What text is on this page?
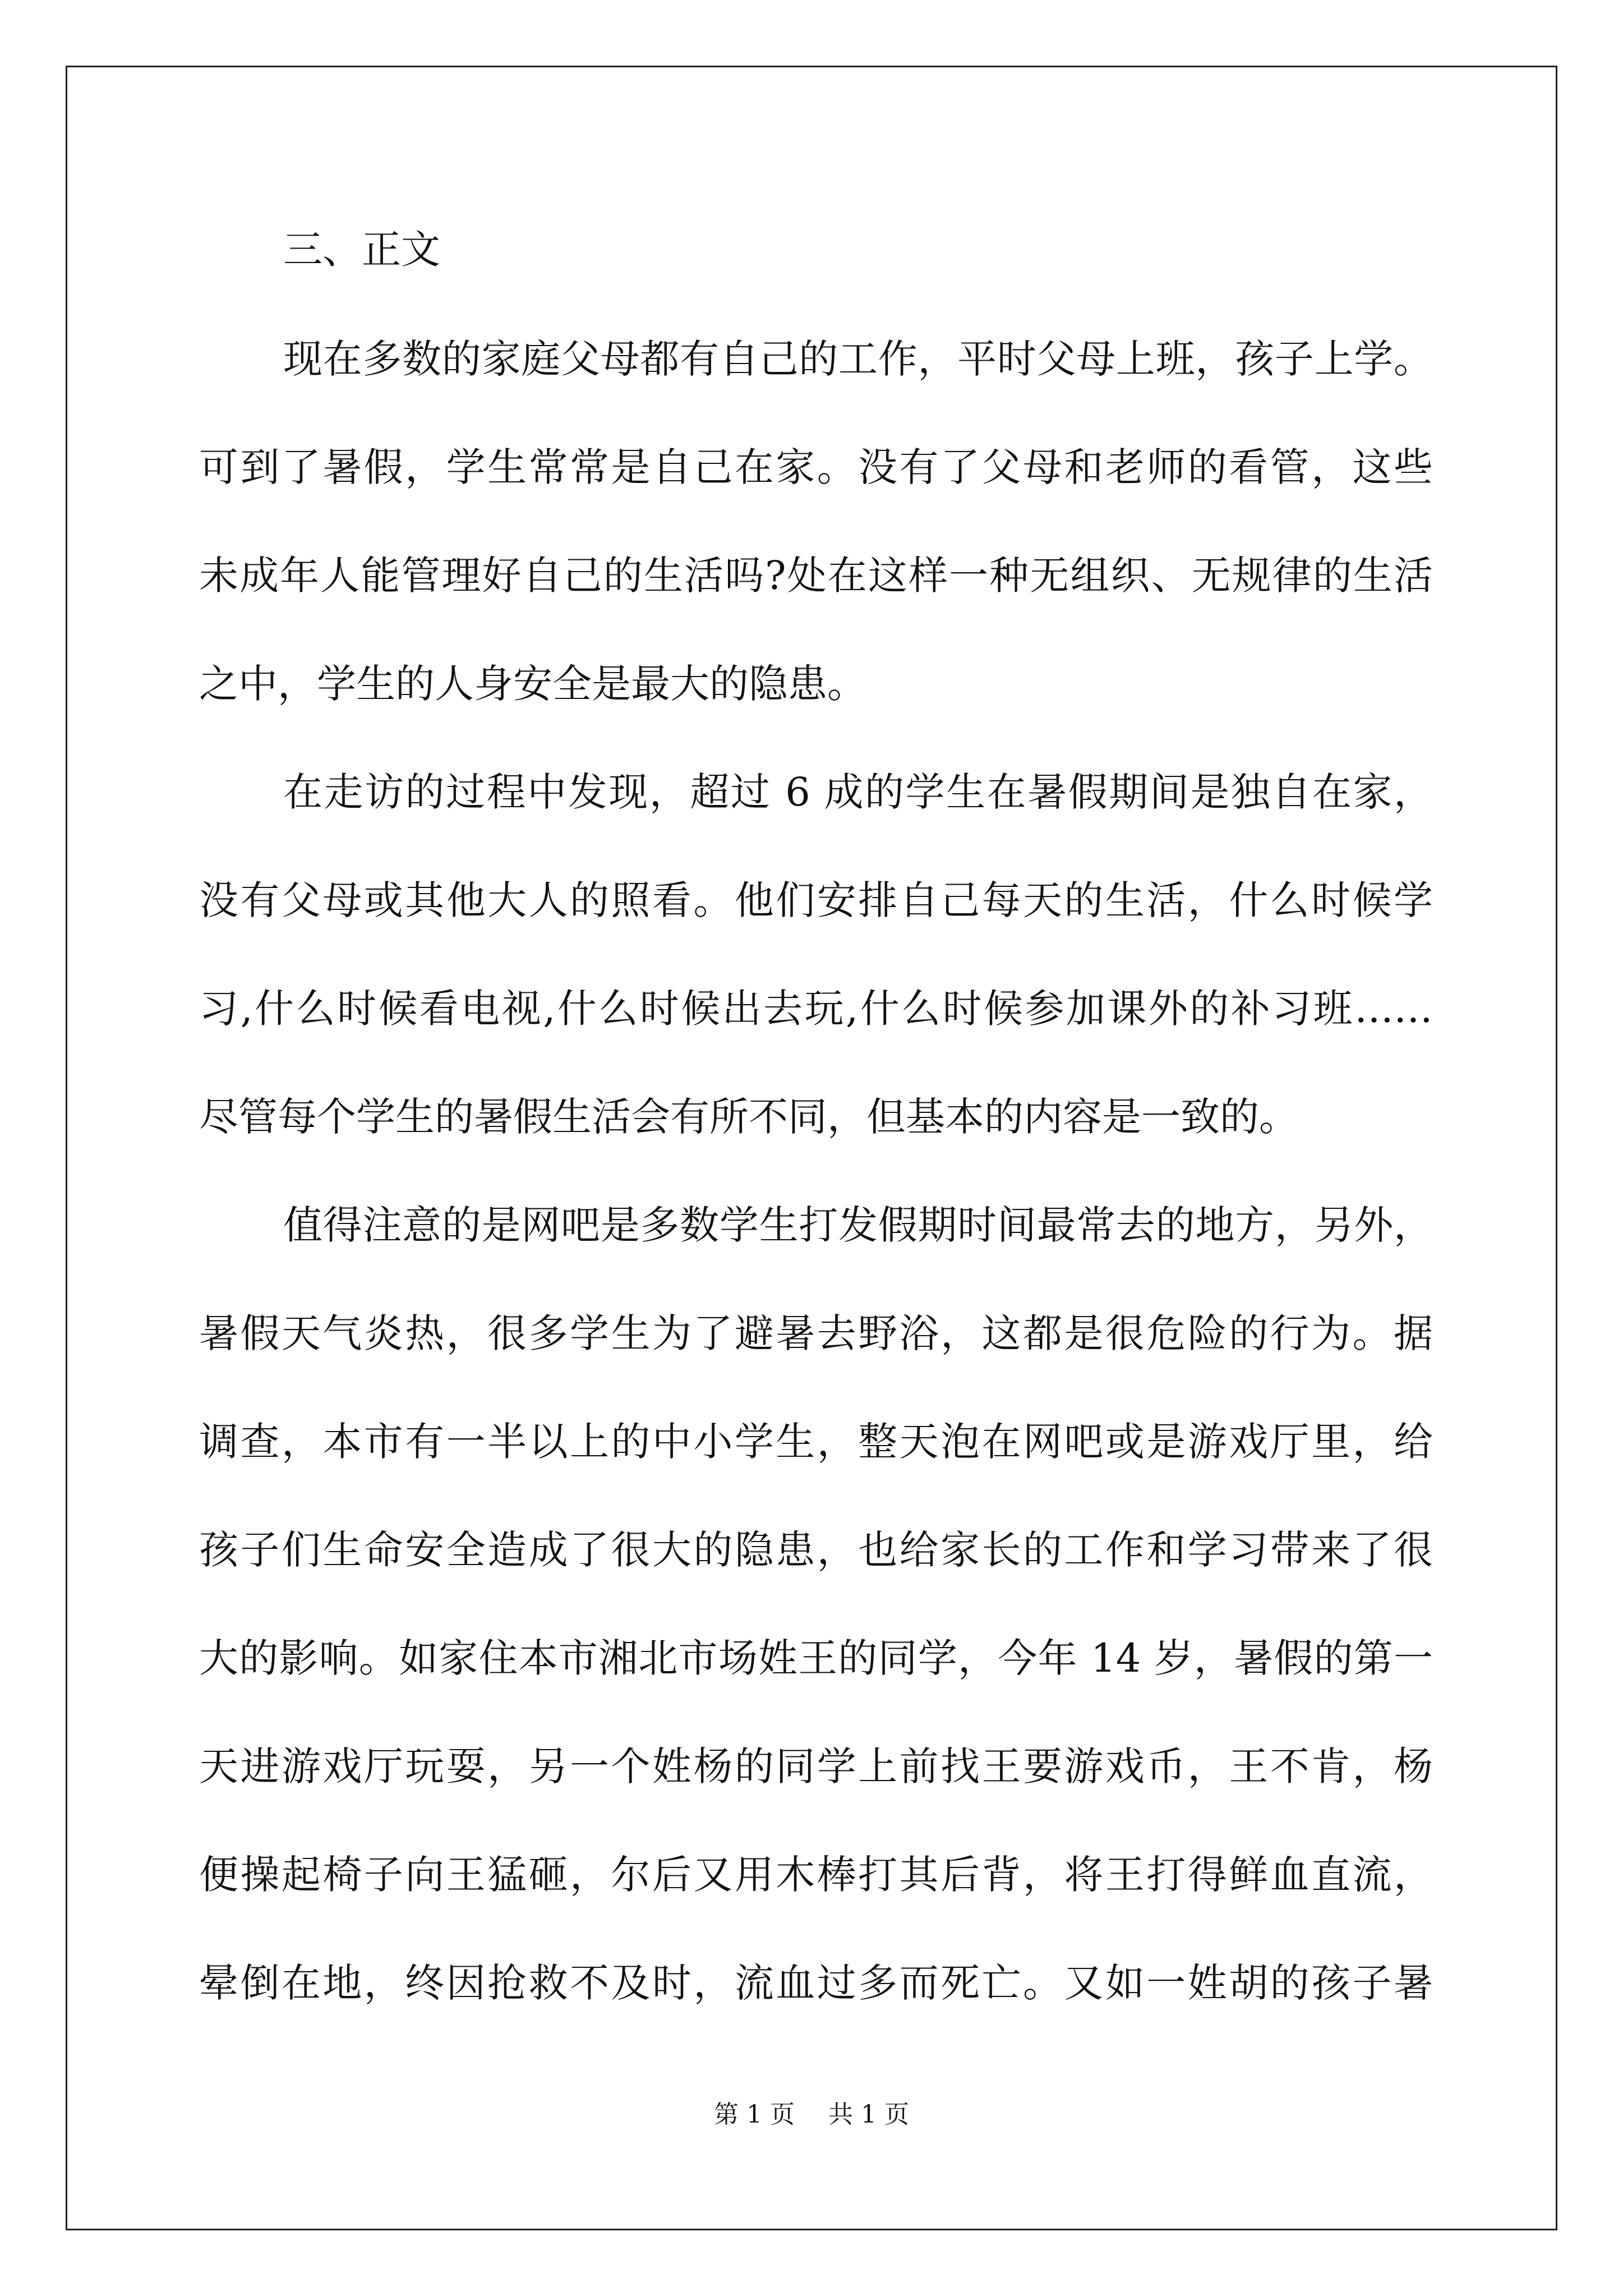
三、正文
现在多数的家庭父母都有自己的工作，平时父母上班，孩子上学。
可到了暑假，学生常常是自己在家。没有了父母和老师的看管，这些
未成年人能管理好自己的生活吗?处在这样一种无组织、无规律的生活
之中，学生的人身安全是最大的隐患。
在走访的过程中发现，超过 6 成的学生在暑假期间是独自在家，
没有父母或其他大人的照看。他们安排自己每天的生活，什么时候学
习,什么时候看电视,什么时候出去玩,什么时候参加课外的补习班……
尽管每个学生的暑假生活会有所不同，但基本的内容是一致的。
值得注意的是网吧是多数学生打发假期时间最常去的地方，另外，
暑假天气炎热，很多学生为了避暑去野浴，这都是很危险的行为。据
调查，本市有一半以上的中小学生，整天泡在网吧或是游戏厅里，给
孩子们生命安全造成了很大的隐患，也给家长的工作和学习带来了很
大的影响。如家住本市湘北市场姓王的同学，今年 14 岁，暑假的第一
天进游戏厅玩耍，另一个姓杨的同学上前找王要游戏币，王不肯，杨
便操起椅子向王猛砸，尔后又用木棒打其后背，将王打得鲜血直流，
晕倒在地，终因抢救不及时，流血过多而死亡。又如一姓胡的孩子暑
第 1 页 共 1 页
